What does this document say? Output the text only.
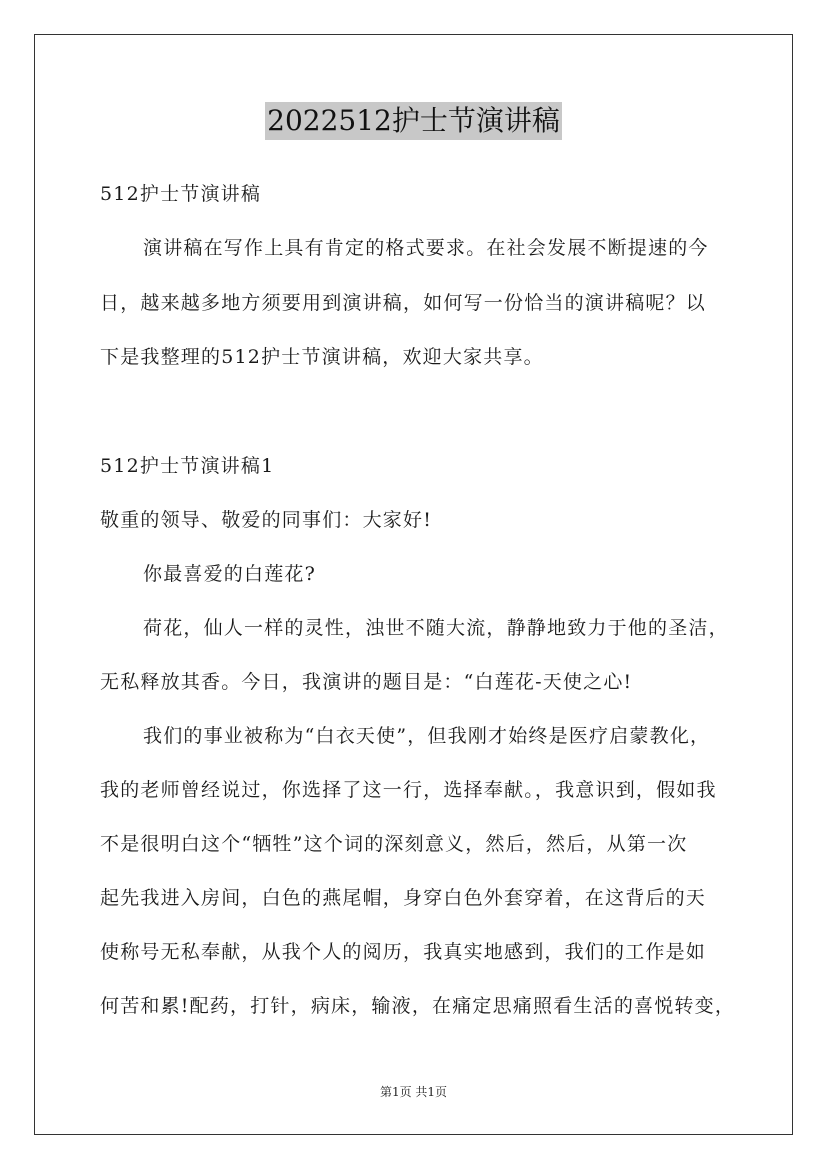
2022512护士节演讲稿
512护士节演讲稿
演讲稿在写作上具有肯定的格式要求。在社会发展不断提速的今
日，越来越多地方须要用到演讲稿，如何写一份恰当的演讲稿呢？以
下是我整理的512护士节演讲稿，欢迎大家共享。
512护士节演讲稿1
敬重的领导、敬爱的同事们：大家好!
你最喜爱的白莲花?
荷花，仙人一样的灵性，浊世不随大流，静静地致力于他的圣洁，
无私释放其香。今日，我演讲的题目是：“白莲花-天使之心!
我们的事业被称为“白衣天使”，但我刚才始终是医疗启蒙教化，
我的老师曾经说过，你选择了这一行，选择奉献。，我意识到，假如我
不是很明白这个“牺牲”这个词的深刻意义，然后，然后，从第一次
起先我进入房间，白色的燕尾帽，身穿白色外套穿着，在这背后的天
使称号无私奉献，从我个人的阅历，我真实地感到，我们的工作是如
何苦和累!配药，打针，病床，输液，在痛定思痛照看生活的喜悦转变，
第1页 共1页
